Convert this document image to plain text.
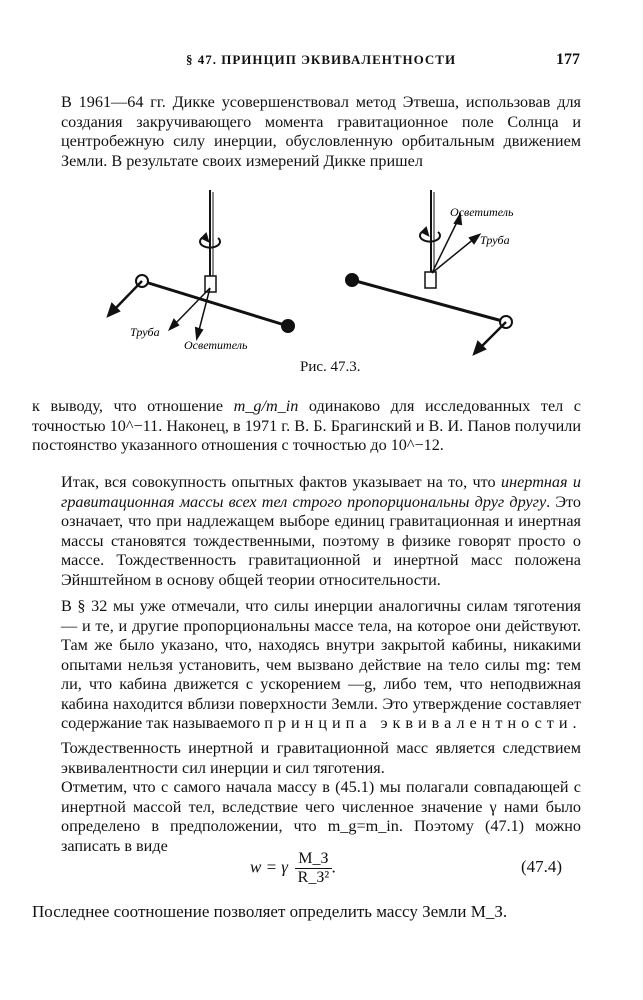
§ 47. ПРИНЦИП ЭКВИВАЛЕНТНОСТИ	177
В 1961—64 гг. Дикке усовершенствовал метод Этвеша, использовав для создания закручивающего момента гравитационное поле Солнца и центробежную силу инерции, обусловленную орбитальным движением Земли. В результате своих измерений Дикке пришел
Труба
Осветитель
Осветитель
Труба
Рис. 47.3.
к выводу, что отношение m_g/m_in одинаково для исследованных тел с точностью 10^−11. Наконец, в 1971 г. В. Б. Брагинский и В. И. Панов получили постоянство указанного отношения с точностью до 10^−12.
Итак, вся совокупность опытных фактов указывает на то, что инертная и гравитационная массы всех тел строго пропорциональны друг другу. Это означает, что при надлежащем выборе единиц гравитационная и инертная массы становятся тождественными, поэтому в физике говорят просто о массе. Тождественность гравитационной и инертной масс положена Эйнштейном в основу общей теории относительности.
В § 32 мы уже отмечали, что силы инерции аналогичны силам тяготения — и те, и другие пропорциональны массе тела, на которое они действуют. Там же было указано, что, находясь внутри закрытой кабины, никакими опытами нельзя установить, чем вызвано действие на тело силы mg: тем ли, что кабина движется с ускорением —g, либо тем, что неподвижная кабина находится вблизи поверхности Земли. Это утверждение составляет содержание так называемого принципа эквивалентности.
Тождественность инертной и гравитационной масс является следствием эквивалентности сил инерции и сил тяготения.
Отметим, что с самого начала массу в (45.1) мы полагали совпадающей с инертной массой тел, вследствие чего численное значение γ нами было определено в предположении, что m_g=m_in. Поэтому (47.1) можно записать в виде
w = γ $\frac{M\_З}{\text{R\_З²}}$ .	(47.4)
Последнее соотношение позволяет определить массу Земли M_З.
